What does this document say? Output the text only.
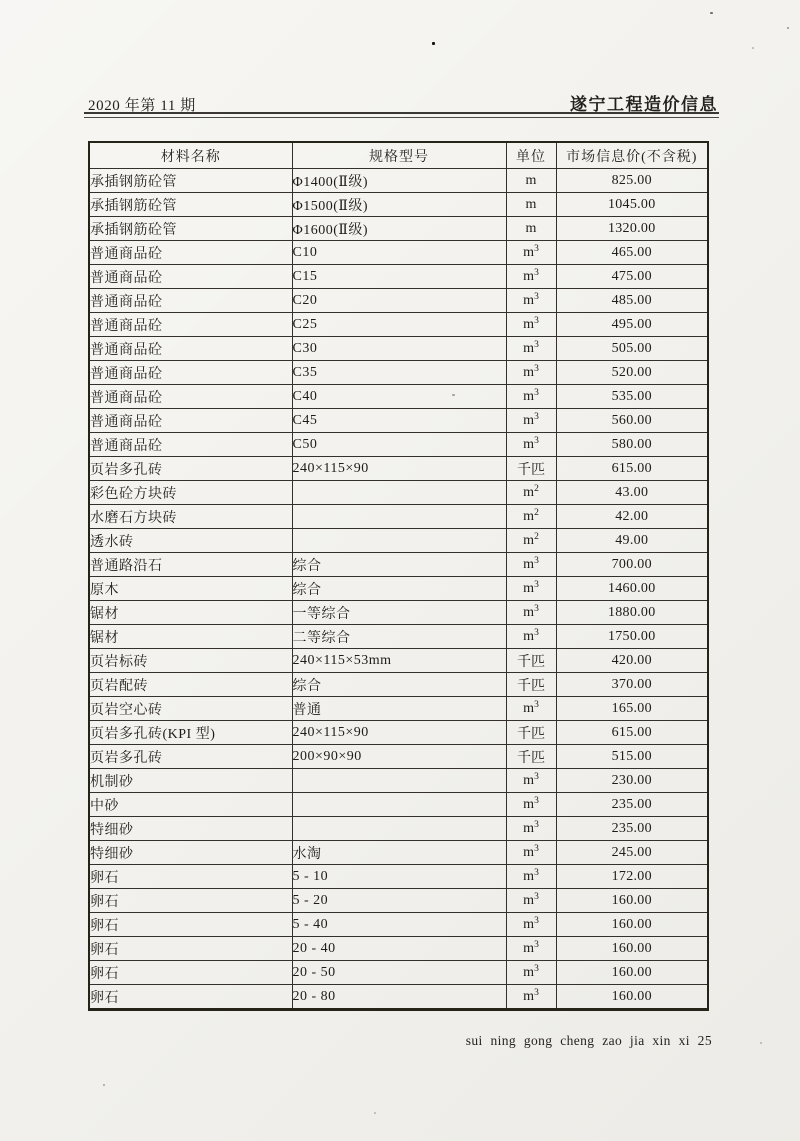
2020 年第 11 期	遂宁工程造价信息
材料名称	规格型号	单位	市场信息价(不含税)
承插钢筋砼管	Φ1400(Ⅱ级)	m	825.00
承插钢筋砼管	Φ1500(Ⅱ级)	m	1045.00
承插钢筋砼管	Φ1600(Ⅱ级)	m	1320.00
普通商品砼	C10	$m^3$	465.00
普通商品砼	C15	$m^3$	475.00
普通商品砼	C20	$m^3$	485.00
普通商品砼	C25	$m^3$	495.00
普通商品砼	C30	$m^3$	505.00
普通商品砼	C35	$m^3$	520.00
普通商品砼	C40	$m^3$	535.00
普通商品砼	C45	$m^3$	560.00
普通商品砼	C50	$m^3$	580.00
页岩多孔砖	240×115×90	千匹	615.00
彩色砼方块砖		$m^2$	43.00
水磨石方块砖		$m^2$	42.00
透水砖		$m^2$	49.00
普通路沿石	综合	$m^3$	700.00
原木	综合	$m^3$	1460.00
锯材	一等综合	$m^3$	1880.00
锯材	二等综合	$m^3$	1750.00
页岩标砖	240×115×53mm	千匹	420.00
页岩配砖	综合	千匹	370.00
页岩空心砖	普通	$m^3$	165.00
页岩多孔砖(KPI 型)	240×115×90	千匹	615.00
页岩多孔砖	200×90×90	千匹	515.00
机制砂		$m^3$	230.00
中砂		$m^3$	235.00
特细砂		$m^3$	235.00
特细砂	水淘	$m^3$	245.00
卵石	5 - 10	$m^3$	172.00
卵石	5 - 20	$m^3$	160.00
卵石	5 - 40	$m^3$	160.00
卵石	20 - 40	$m^3$	160.00
卵石	20 - 50	$m^3$	160.00
卵石	20 - 80	$m^3$	160.00
sui ning gong cheng zao jia xin xi 25
